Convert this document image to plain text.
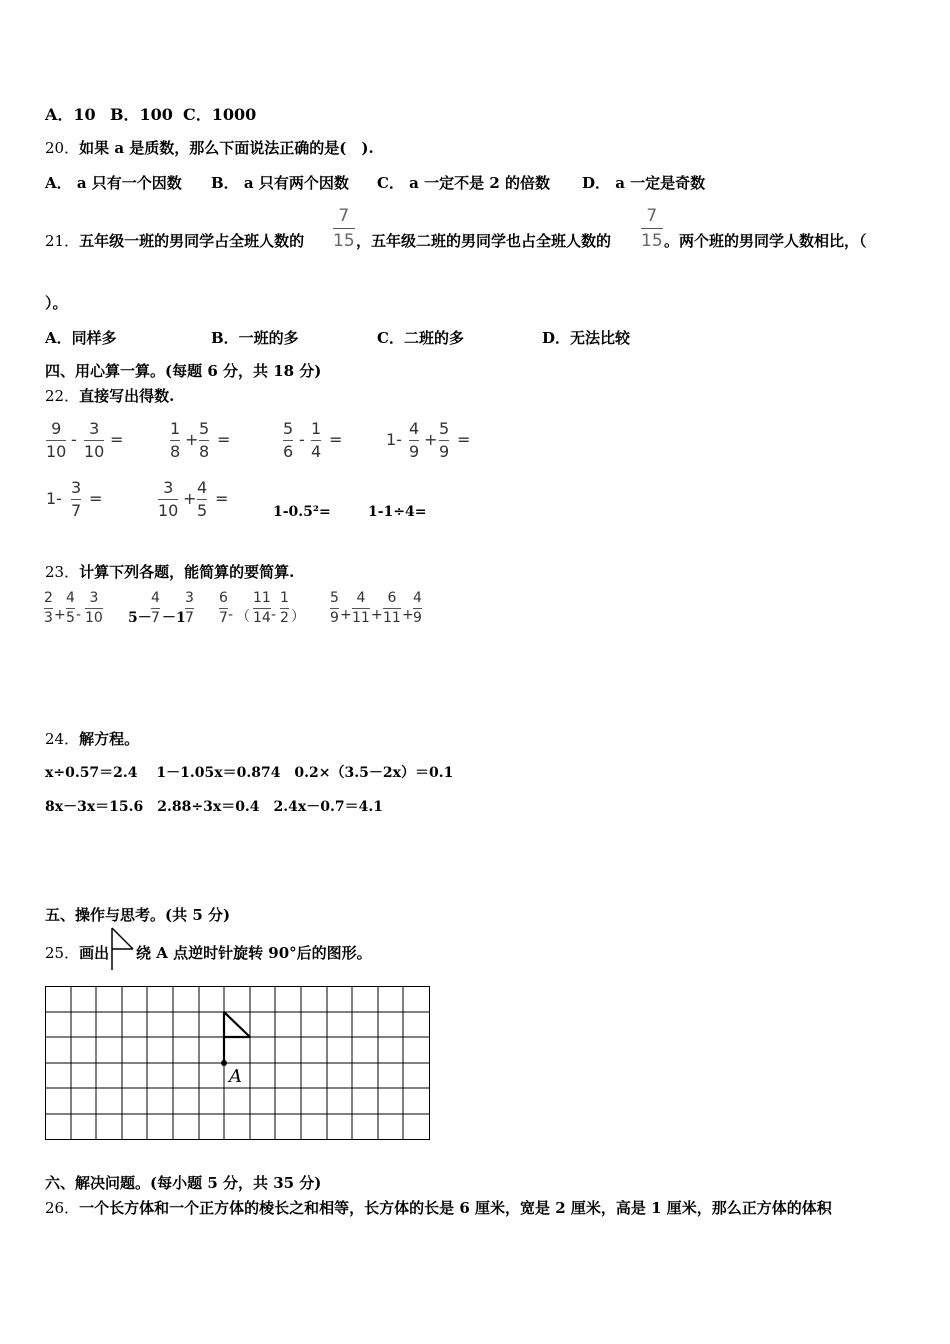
A．10 B．100 C．1000
20．如果 a 是质数，那么下面说法正确的是(　).
A． a 只有一个因数 B． a 只有两个因数 C． a 一定不是 2 的倍数 D． a 一定是奇数
21．五年级一班的男同学占全班人数的
7
15 ，五年级二班的男同学也占全班人数的
7
15 。两个班的男同学人数相比，（
）。
A．同样多	B．一班的多	C．二班的多	D．无法比较
四、用心算一算。(每题 6 分，共 18 分)
22．直接写出得数.
9
10
-
3
10
=
1
8
+
5
8
=
5
6
-
1
4
=	1-
4
9
+
5
9
=
1-
3
7
=
3
10
+
4
5
=
1-0.5²=	1-1÷4=
23．计算下列各题，能简算的要简算.
2
3 +
4
5 -
3
10 5－
4
7 －1
3
7
6
7 - （
11
14 -
1
2 ）
5
9 +
4
11 +
6
11 +
4
9
24．解方程。
x÷0.57＝2.4　 1－1.05x＝0.874　0.2×（3.5－2x）＝0.1
8x－3x＝15.6　2.88÷3x＝0.4　2.4x－0.7＝4.1
五、操作与思考。(共 5 分)
25．画出 绕 A 点逆时针旋转 90°后的图形。
A
六、解决问题。(每小题 5 分，共 35 分)
26．一个长方体和一个正方体的棱长之和相等，长方体的长是 6 厘米，宽是 2 厘米，高是 1 厘米，那么正方体的体积
